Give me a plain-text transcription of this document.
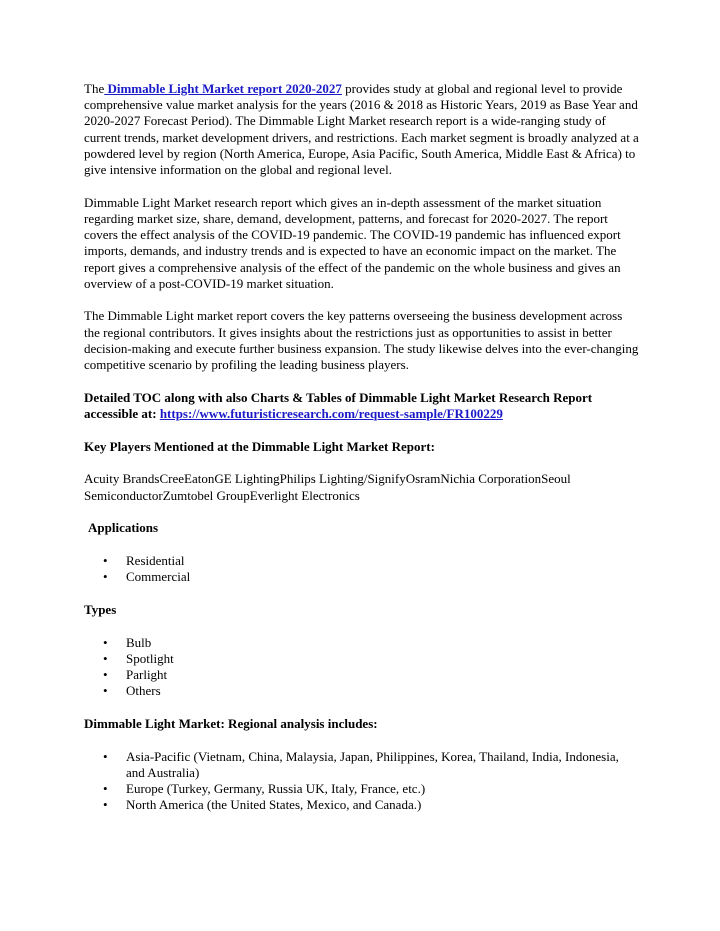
The Dimmable Light Market report 2020-2027 provides study at global and regional level to provide comprehensive value market analysis for the years (2016 & 2018 as Historic Years, 2019 as Base Year and 2020-2027 Forecast Period). The Dimmable Light Market research report is a wide-ranging study of current trends, market development drivers, and restrictions. Each market segment is broadly analyzed at a powdered level by region (North America, Europe, Asia Pacific, South America, Middle East & Africa) to give intensive information on the global and regional level.

Dimmable Light Market research report which gives an in-depth assessment of the market situation regarding market size, share, demand, development, patterns, and forecast for 2020-2027. The report covers the effect analysis of the COVID-19 pandemic. The COVID-19 pandemic has influenced export imports, demands, and industry trends and is expected to have an economic impact on the market. The report gives a comprehensive analysis of the effect of the pandemic on the whole business and gives an overview of a post-COVID-19 market situation.

The Dimmable Light market report covers the key patterns overseeing the business development across the regional contributors. It gives insights about the restrictions just as opportunities to assist in better decision-making and execute further business expansion. The study likewise delves into the ever-changing competitive scenario by profiling the leading business players.

Detailed TOC along with also Charts & Tables of Dimmable Light Market Research Report accessible at: https://www.futuristicresearch.com/request-sample/FR100229

Key Players Mentioned at the Dimmable Light Market Report:

Acuity BrandsCreeEatonGE LightingPhilips Lighting/SignifyOsramNichia CorporationSeoul SemiconductorZumtobel GroupEverlight Electronics

Applications

• Residential
• Commercial

Types

• Bulb
• Spotlight
• Parlight
• Others

Dimmable Light Market: Regional analysis includes:

• Asia-Pacific (Vietnam, China, Malaysia, Japan, Philippines, Korea, Thailand, India, Indonesia, and Australia)
• Europe (Turkey, Germany, Russia UK, Italy, France, etc.)
• North America (the United States, Mexico, and Canada.)
